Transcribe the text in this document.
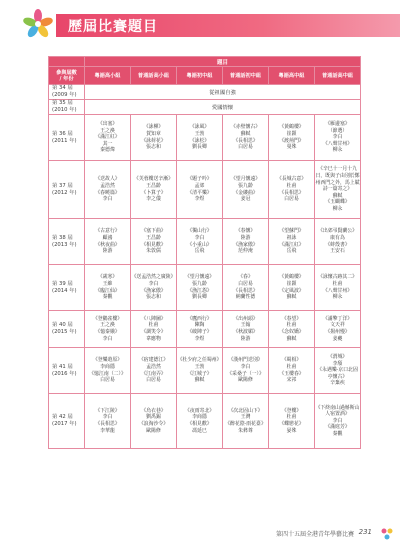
歷屆比賽題目
	題目					
參與屆數
/ 年份	粵語高小組	普通話高小組	粵語初中組	普通話初中組	粵語高中組	普通話高中組
第 34 屆
(2009 年)	從祖國自強					
第 35 屆
(2010 年)	愛國情懷					
第 36 屆
(2011 年)	《出塞》
王之渙
《滿江紅》
其一
秦德煒	《詠柳》
賀知章
《詠荷花》
張志和	《詠風》
王勃
《詠松》
劉長卿	《赤壁懷古》
蘇軾
《長相思》
白居易	《黃鶴樓》
崔顥
《渡荊門》
曼殊	《雁邊塞》
（節選）
李白
《八聲甘州》
柳永
第 37 屆
(2012 年)	《送故人》
孟浩然
《春曉篇》
李白	《芙蓉樓送辛漸》
王昌齡
《卜算子》
李之儀	《題子吟》
孟郊
《清平樂》
李煜	《望月懷遠》
張九齡
《金縷曲》
姜冠	《長城古意》
杜甫
《長相思》
白居易	《辛巳十一月十九日，既與子由別於鄭州西門之外，馬上賦詩一篇寄之》
蘇軾
《玉蝴蝶》
柳永
第 38 屆
(2013 年)	《古意行》
顧鴻
《秋夜曲》
陸游	《塞下曲》
王昌齡
《相見歡》
朱敦儒	《獨山行》
李白
《小重山》
岳飛	《春懷》
陸游
《漁家傲》
范仲淹	《望蘇門》
祖詠
《滿江紅》
岳飛	《出郊弔賢蘭公》
康有為
《蚌殼書》
王安石
第 39 屆
(2014 年)	《歲寒》
王維
《臨江仙》
秦觀	《送孟浩然之廣陵》
李白
《漁家傲》
張志和	《望月懷遠》
張九齡
《漁江怨》
劉長卿	《春》
白居易
《長相思》
納蘭性德	《黃鶴樓》
崔顥
《定風波》
蘇軾	《詠懷古跡其二》
杜甫
《八聲甘州》
柳永
第 40 屆
(2015 年)	《登鸛雀樓》
王之渙
《憶秦娥》
李白	《八陣圖》
杜甫
《調笑令》
韋應物	《鷹西行》
陳陶
《破陣子》
李煜	《出州頭》
王翰
《秋波媚》
陸游	《春望》
杜甫
《念奴嬌》
蘇軾	《滿擎丁洋》
文天祥
《揚州慢》
姜夔
第 41 屆
(2016 年)	《登樂遊原》
李商隱
《憶江南（二）》
白居易	《宿建德江》
孟浩然
《江南弄》
白居易	《杜少府之任蜀州》
王勃
《江城子》
蘇軾	《漢州門送別》
李白
《采桑子（一）》
歐陽修	《蜀相》
杜甫
《玉樓春》
宋祁	《渭城》
李頎
《永遇樂‧京口北固亭懷古》
辛棄疾
第 42 屆
(2017 年)	《下江陵》
李白
《長相思》
李華龍	《烏衣巷》
劉禹錫
《浪淘沙令》
歐陽修	《夜雨寄北》
李商隱
《相見歡》
馮延巳	《次北固山下》
王灣
《醉花陰‧雨花臺》
朱彝尊	《登樓》
杜甫
《蝶戀花》
晏殊	《下終南山過斛斯山人宿置酒》
李白
《滿庭芳》
秦觀
第四十五屆全港青年學藝比賽 231
